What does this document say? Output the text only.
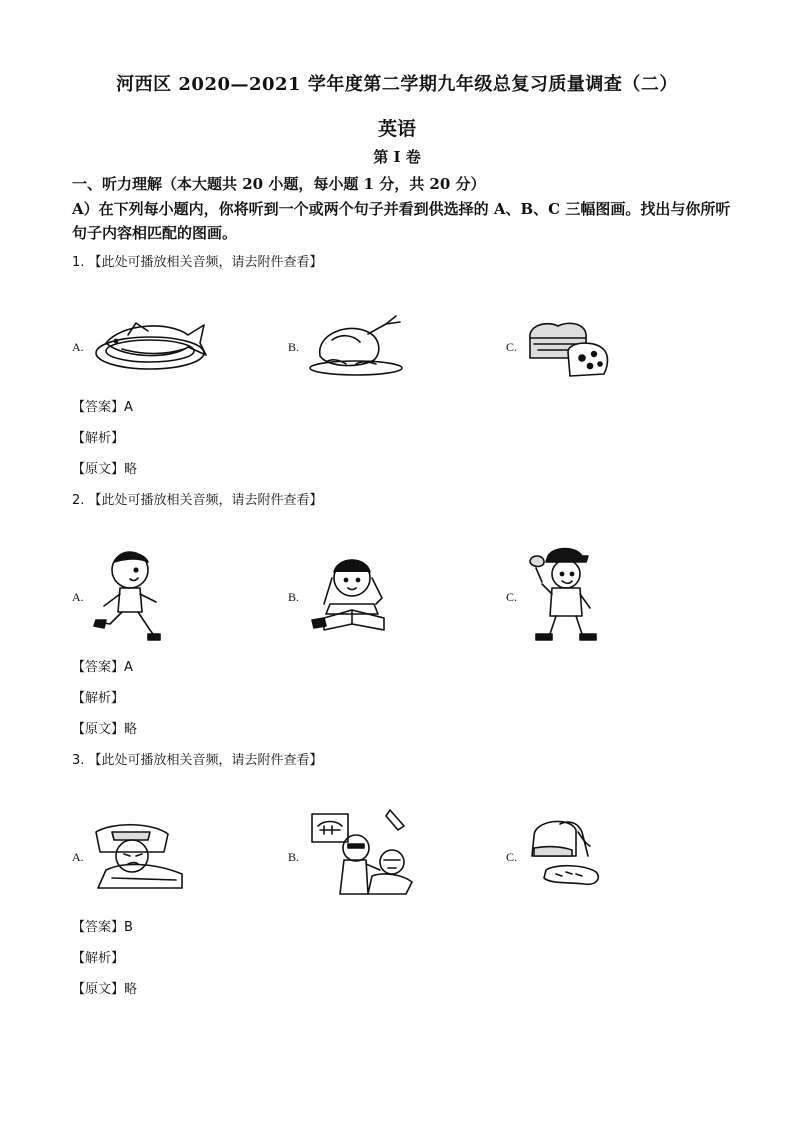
河西区 2020—2021 学年度第二学期九年级总复习质量调查（二）
英语
第 I 卷
一、听力理解（本大题共 20 小题，每小题 1 分，共 20 分）
A）在下列每小题内，你将听到一个或两个句子并看到供选择的 A、B、C 三幅图画。找出与你所听句子内容相匹配的图画。
1. 【此处可播放相关音频，请去附件查看】
A.	B.	C.
【答案】A
【解析】
【原文】略
2. 【此处可播放相关音频，请去附件查看】
A.	B.	C.
【答案】A
【解析】
【原文】略
3. 【此处可播放相关音频，请去附件查看】
A.	B.	C.
【答案】B
【解析】
【原文】略
